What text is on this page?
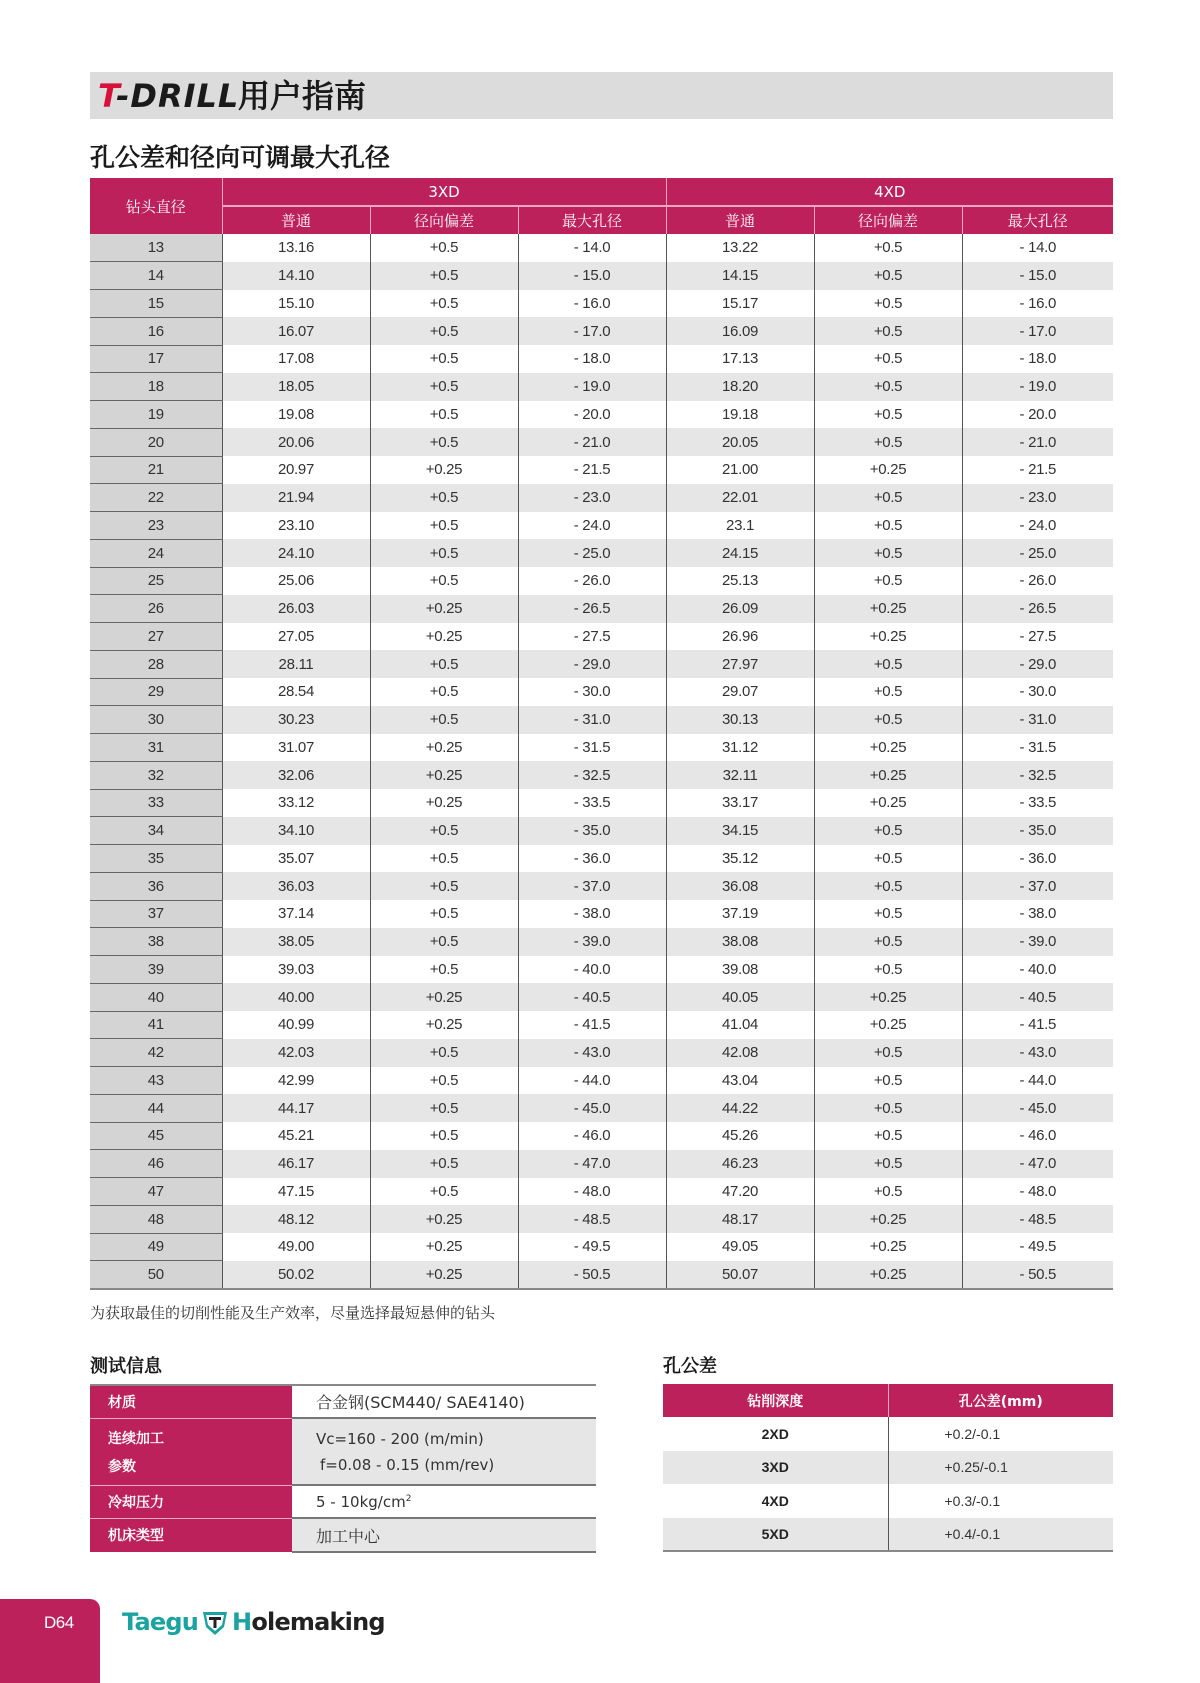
T-DRILL
用户指南
孔公差和径向可调最大孔径
钻头直径	3XD			4XD		
	普通	径向偏差	最大孔径	普通	径向偏差	最大孔径
13	13.16	+0.5	- 14.0	13.22	+0.5	- 14.0
14	14.10	+0.5	- 15.0	14.15	+0.5	- 15.0
15	15.10	+0.5	- 16.0	15.17	+0.5	- 16.0
16	16.07	+0.5	- 17.0	16.09	+0.5	- 17.0
17	17.08	+0.5	- 18.0	17.13	+0.5	- 18.0
18	18.05	+0.5	- 19.0	18.20	+0.5	- 19.0
19	19.08	+0.5	- 20.0	19.18	+0.5	- 20.0
20	20.06	+0.5	- 21.0	20.05	+0.5	- 21.0
21	20.97	+0.25	- 21.5	21.00	+0.25	- 21.5
22	21.94	+0.5	- 23.0	22.01	+0.5	- 23.0
23	23.10	+0.5	- 24.0	23.1	+0.5	- 24.0
24	24.10	+0.5	- 25.0	24.15	+0.5	- 25.0
25	25.06	+0.5	- 26.0	25.13	+0.5	- 26.0
26	26.03	+0.25	- 26.5	26.09	+0.25	- 26.5
27	27.05	+0.25	- 27.5	26.96	+0.25	- 27.5
28	28.11	+0.5	- 29.0	27.97	+0.5	- 29.0
29	28.54	+0.5	- 30.0	29.07	+0.5	- 30.0
30	30.23	+0.5	- 31.0	30.13	+0.5	- 31.0
31	31.07	+0.25	- 31.5	31.12	+0.25	- 31.5
32	32.06	+0.25	- 32.5	32.11	+0.25	- 32.5
33	33.12	+0.25	- 33.5	33.17	+0.25	- 33.5
34	34.10	+0.5	- 35.0	34.15	+0.5	- 35.0
35	35.07	+0.5	- 36.0	35.12	+0.5	- 36.0
36	36.03	+0.5	- 37.0	36.08	+0.5	- 37.0
37	37.14	+0.5	- 38.0	37.19	+0.5	- 38.0
38	38.05	+0.5	- 39.0	38.08	+0.5	- 39.0
39	39.03	+0.5	- 40.0	39.08	+0.5	- 40.0
40	40.00	+0.25	- 40.5	40.05	+0.25	- 40.5
41	40.99	+0.25	- 41.5	41.04	+0.25	- 41.5
42	42.03	+0.5	- 43.0	42.08	+0.5	- 43.0
43	42.99	+0.5	- 44.0	43.04	+0.5	- 44.0
44	44.17	+0.5	- 45.0	44.22	+0.5	- 45.0
45	45.21	+0.5	- 46.0	45.26	+0.5	- 46.0
46	46.17	+0.5	- 47.0	46.23	+0.5	- 47.0
47	47.15	+0.5	- 48.0	47.20	+0.5	- 48.0
48	48.12	+0.25	- 48.5	48.17	+0.25	- 48.5
49	49.00	+0.25	- 49.5	49.05	+0.25	- 49.5
50	50.02	+0.25	- 50.5	50.07	+0.25	- 50.5
为获取最佳的切削性能及生产效率，尽量选择最短悬伸的钻头
测试信息
材质	合金钢(SCM440/ SAE4140)

连续加工
参数	Vc=160 - 200 (m/min)
f=0.08 - 0.15 (mm/rev)

冷却压力	$5 - 10kg/cm^2$
机床类型	加工中心
孔公差
钻削深度	孔公差(mm)
2XD	+0.2/-0.1
3XD	+0.25/-0.1
4XD	+0.3/-0.1
5XD	+0.4/-0.1
D64 Taegu H olemaking
